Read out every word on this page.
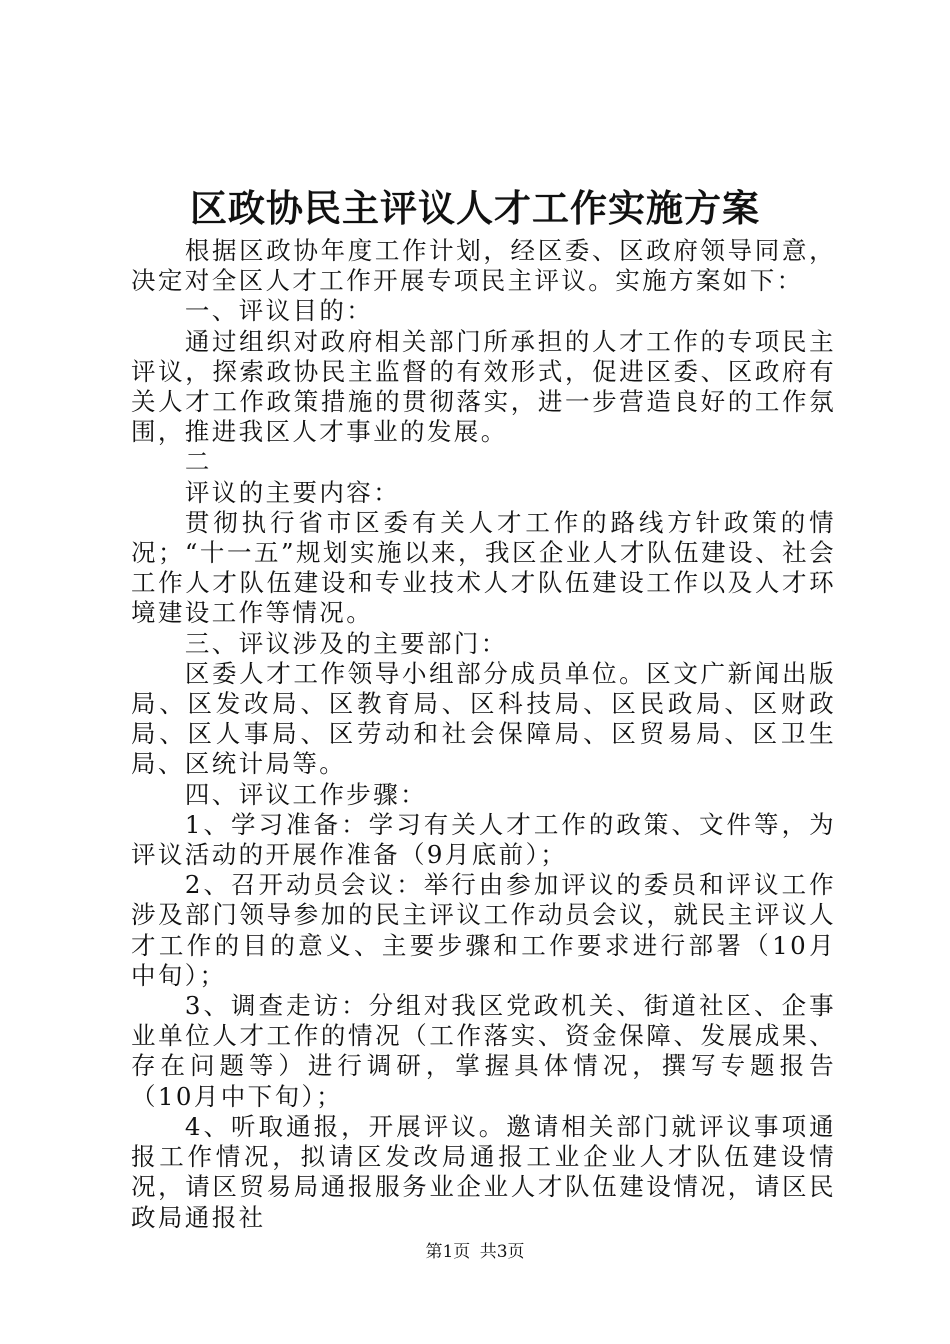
区政协民主评议人才工作实施方案

根据区政协年度工作计划，经区委、区政府领导同意，决定对全区人才工作开展专项民主评议。实施方案如下：

一、评议目的：

通过组织对政府相关部门所承担的人才工作的专项民主评议，探索政协民主监督的有效形式，促进区委、区政府有关人才工作政策措施的贯彻落实，进一步营造良好的工作氛围，推进我区人才事业的发展。

二

评议的主要内容：

贯彻执行省市区委有关人才工作的路线方针政策的情况；“十一五”规划实施以来，我区企业人才队伍建设、社会工作人才队伍建设和专业技术人才队伍建设工作以及人才环境建设工作等情况。

三、评议涉及的主要部门：

区委人才工作领导小组部分成员单位。区文广新闻出版局、区发改局、区教育局、区科技局、区民政局、区财政局、区人事局、区劳动和社会保障局、区贸易局、区卫生局、区统计局等。

四、评议工作步骤：

1、学习准备：学习有关人才工作的政策、文件等，为评议活动的开展作准备（9月底前）；

2、召开动员会议：举行由参加评议的委员和评议工作涉及部门领导参加的民主评议工作动员会议，就民主评议人才工作的目的意义、主要步骤和工作要求进行部署（10月中旬）；

3、调查走访：分组对我区党政机关、街道社区、企事业单位人才工作的情况（工作落实、资金保障、发展成果、存在问题等）进行调研，掌握具体情况，撰写专题报告（10月中下旬）；

4、听取通报，开展评议。邀请相关部门就评议事项通报工作情况，拟请区发改局通报工业企业人才队伍建设情况，请区贸易局通报服务业企业人才队伍建设情况，请区民政局通报社

第1页 共3页
